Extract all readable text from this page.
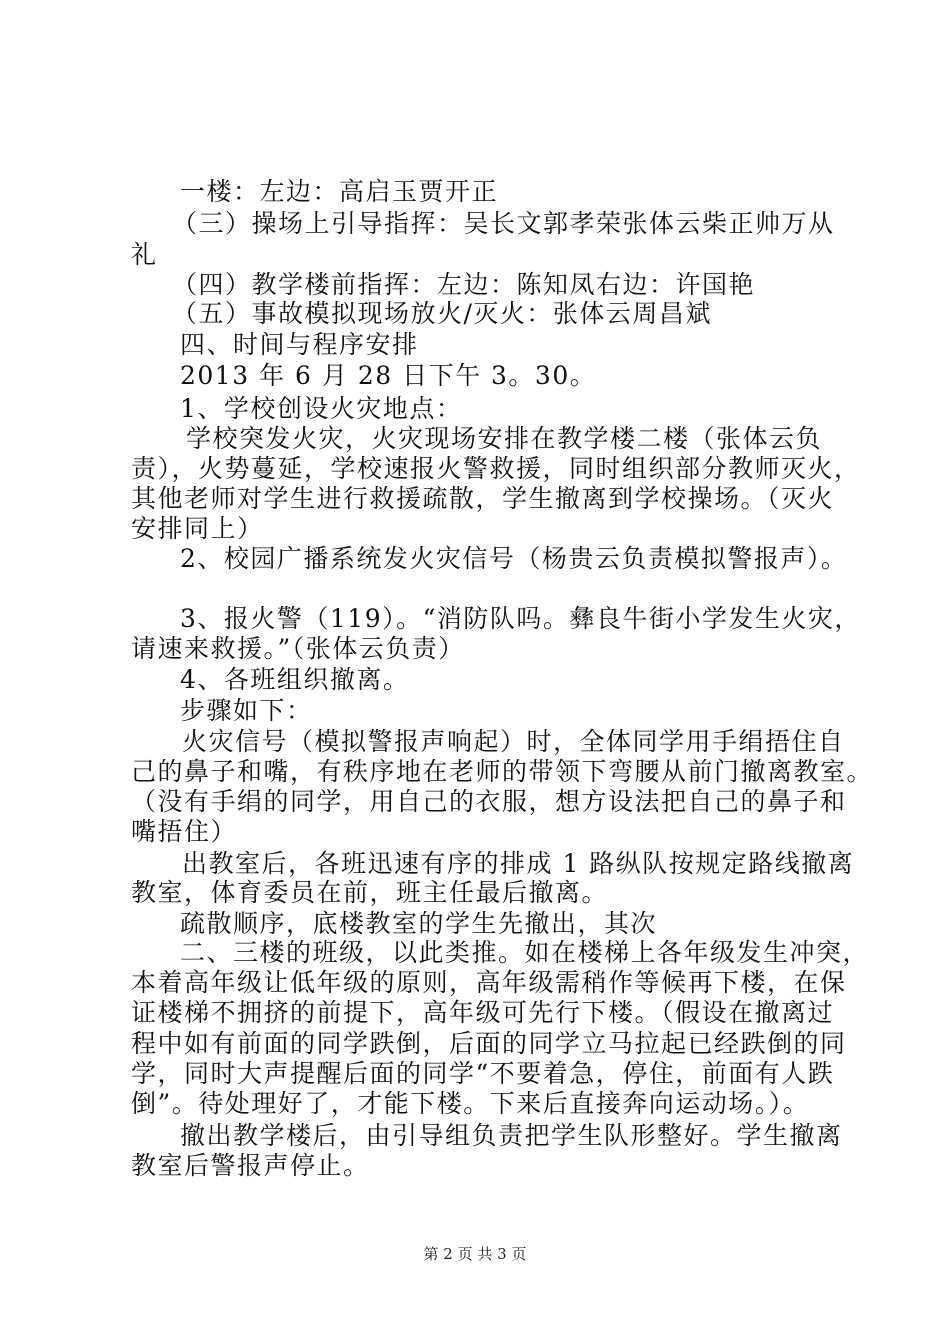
一楼：左边：高启玉贾开正
（三）操场上引导指挥：吴长文郭孝荣张体云柴正帅万从
礼
（四）教学楼前指挥：左边：陈知凤右边：许国艳
（五）事故模拟现场放火/灭火：张体云周昌斌
四、时间与程序安排
2013 年 6 月 28 日下午 3。30。
1、学校创设火灾地点：
学校突发火灾，火灾现场安排在教学楼二楼（张体云负
责），火势蔓延，学校速报火警救援，同时组织部分教师灭火，
其他老师对学生进行救援疏散，学生撤离到学校操场。（灭火
安排同上）
2、校园广播系统发火灾信号（杨贵云负责模拟警报声）。
3、报火警（119）。“消防队吗。彝良牛街小学发生火灾，
请速来救援。”（张体云负责）
4、各班组织撤离。
步骤如下：
火灾信号（模拟警报声响起）时，全体同学用手绢捂住自
己的鼻子和嘴，有秩序地在老师的带领下弯腰从前门撤离教室。
（没有手绢的同学，用自己的衣服，想方设法把自己的鼻子和
嘴捂住）
出教室后，各班迅速有序的排成 1 路纵队按规定路线撤离
教室，体育委员在前，班主任最后撤离。
疏散顺序，底楼教室的学生先撤出，其次
二、三楼的班级，以此类推。如在楼梯上各年级发生冲突，
本着高年级让低年级的原则，高年级需稍作等候再下楼，在保
证楼梯不拥挤的前提下，高年级可先行下楼。（假设在撤离过
程中如有前面的同学跌倒，后面的同学立马拉起已经跌倒的同
学，同时大声提醒后面的同学“不要着急，停住，前面有人跌
倒”。待处理好了，才能下楼。下来后直接奔向运动场。）。
撤出教学楼后，由引导组负责把学生队形整好。学生撤离
教室后警报声停止。
第 2 页 共 3 页
